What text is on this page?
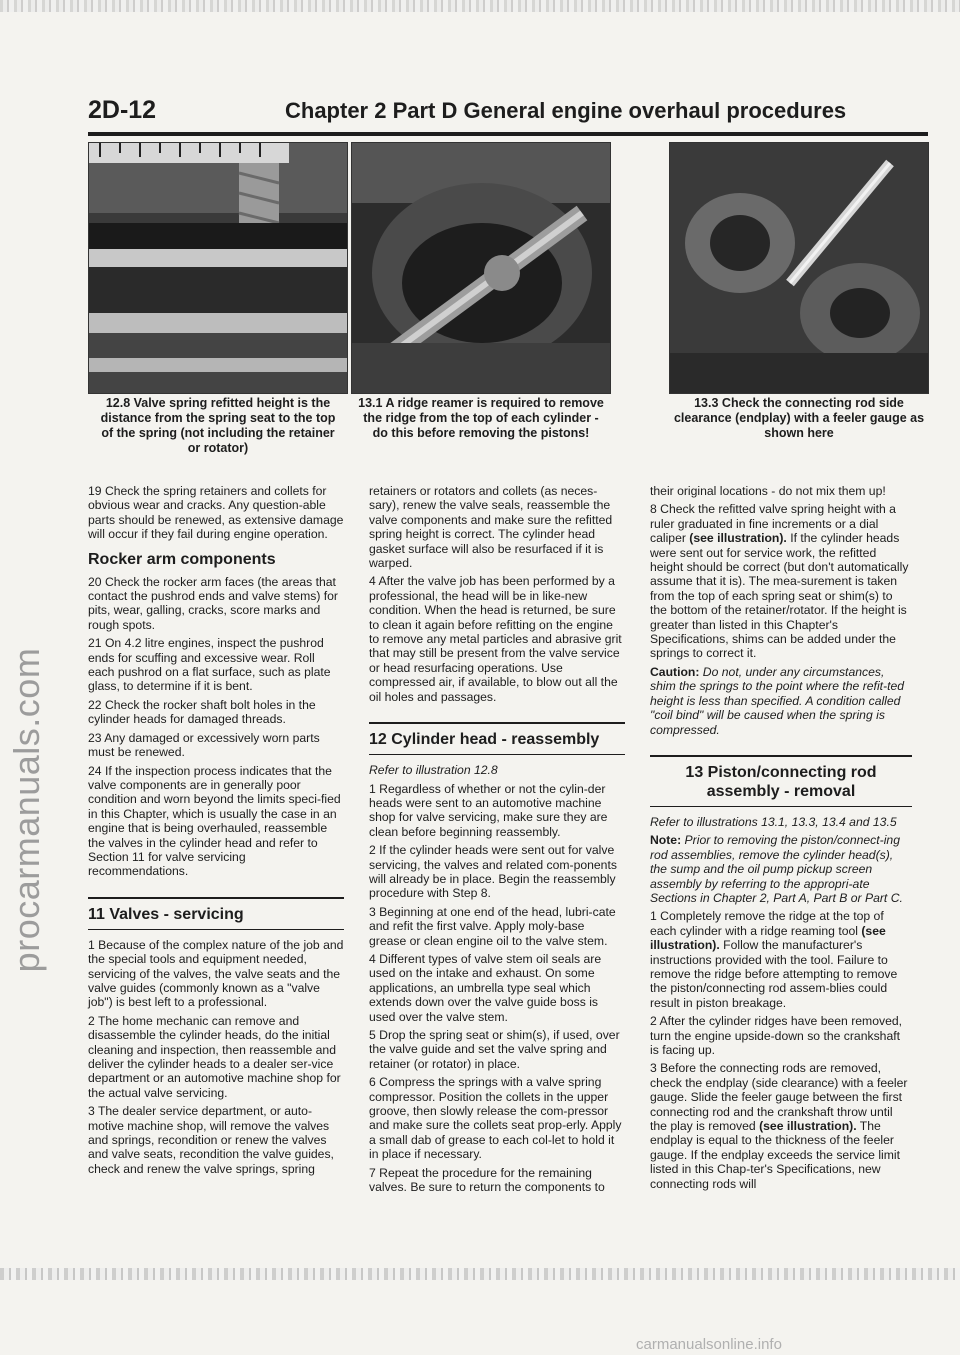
procarmanuals.com
2D-12	Chapter 2 Part D General engine overhaul procedures
12.8 Valve spring refitted height is the distance from the spring seat to the top of the spring (not including the retainer or rotator)
13.1 A ridge reamer is required to remove the ridge from the top of each cylinder - do this before removing the pistons!
13.3 Check the connecting rod side clearance (endplay) with a feeler gauge as shown here

19 Check the spring retainers and collets for obvious wear and cracks. Any question-able parts should be renewed, as extensive damage will occur if they fail during engine operation.

Rocker arm components

20 Check the rocker arm faces (the areas that contact the pushrod ends and valve stems) for pits, wear, galling, cracks, score marks and rough spots.

21 On 4.2 litre engines, inspect the pushrod ends for scuffing and excessive wear. Roll each pushrod on a flat surface, such as plate glass, to determine if it is bent.

22 Check the rocker shaft bolt holes in the cylinder heads for damaged threads.

23 Any damaged or excessively worn parts must be renewed.

24 If the inspection process indicates that the valve components are in generally poor condition and worn beyond the limits speci-fied in this Chapter, which is usually the case in an engine that is being overhauled, reassemble the valves in the cylinder head and refer to Section 11 for valve servicing recommendations.

11 Valves - servicing

1 Because of the complex nature of the job and the special tools and equipment needed, servicing of the valves, the valve seats and the valve guides (commonly known as a "valve job") is best left to a professional.

2 The home mechanic can remove and disassemble the cylinder heads, do the initial cleaning and inspection, then reassemble and deliver the cylinder heads to a dealer ser-vice department or an automotive machine shop for the actual valve servicing.

3 The dealer service department, or auto-motive machine shop, will remove the valves and springs, recondition or renew the valves and valve seats, recondition the valve guides, check and renew the valve springs, spring

retainers or rotators and collets (as neces-sary), renew the valve seals, reassemble the valve components and make sure the refitted spring height is correct. The cylinder head gasket surface will also be resurfaced if it is warped.

4 After the valve job has been performed by a professional, the head will be in like-new condition. When the head is returned, be sure to clean it again before refitting on the engine to remove any metal particles and abrasive grit that may still be present from the valve service or head resurfacing operations. Use compressed air, if available, to blow out all the oil holes and passages.

12 Cylinder head - reassembly

Refer to illustration 12.8

1 Regardless of whether or not the cylin-der heads were sent to an automotive machine shop for valve servicing, make sure they are clean before beginning reassembly.

2 If the cylinder heads were sent out for valve servicing, the valves and related com-ponents will already be in place. Begin the reassembly procedure with Step 8.

3 Beginning at one end of the head, lubri-cate and refit the first valve. Apply moly-base grease or clean engine oil to the valve stem.

4 Different types of valve stem oil seals are used on the intake and exhaust. On some applications, an umbrella type seal which extends down over the valve guide boss is used over the valve stem.

5 Drop the spring seat or shim(s), if used, over the valve guide and set the valve spring and retainer (or rotator) in place.

6 Compress the springs with a valve spring compressor. Position the collets in the upper groove, then slowly release the com-pressor and make sure the collets seat prop-erly. Apply a small dab of grease to each col-let to hold it in place if necessary.

7 Repeat the procedure for the remaining valves. Be sure to return the components to

their original locations - do not mix them up!

8 Check the refitted valve spring height with a ruler graduated in fine increments or a dial caliper (see illustration). If the cylinder heads were sent out for service work, the refitted height should be correct (but don't automatically assume that it is). The mea-surement is taken from the top of each spring seat or shim(s) to the bottom of the retainer/rotator. If the height is greater than listed in this Chapter's Specifications, shims can be added under the springs to correct it.

Caution: Do not, under any circumstances, shim the springs to the point where the refit-ted height is less than specified. A condition called "coil bind" will be caused when the spring is compressed.

13 Piston/connecting rod assembly - removal

Refer to illustrations 13.1, 13.3, 13.4 and 13.5

Note: Prior to removing the piston/connect-ing rod assemblies, remove the cylinder head(s), the sump and the oil pump pickup screen assembly by referring to the appropri-ate Sections in Chapter 2, Part A, Part B or Part C.

1 Completely remove the ridge at the top of each cylinder with a ridge reaming tool (see illustration). Follow the manufacturer's instructions provided with the tool. Failure to remove the ridge before attempting to remove the piston/connecting rod assem-blies could result in piston breakage.

2 After the cylinder ridges have been removed, turn the engine upside-down so the crankshaft is facing up.

3 Before the connecting rods are removed, check the endplay (side clearance) with a feeler gauge. Slide the feeler gauge between the first connecting rod and the crankshaft throw until the play is removed (see illustration). The endplay is equal to the thickness of the feeler gauge. If the endplay exceeds the service limit listed in this Chap-ter's Specifications, new connecting rods will

carmanualsonline.info
